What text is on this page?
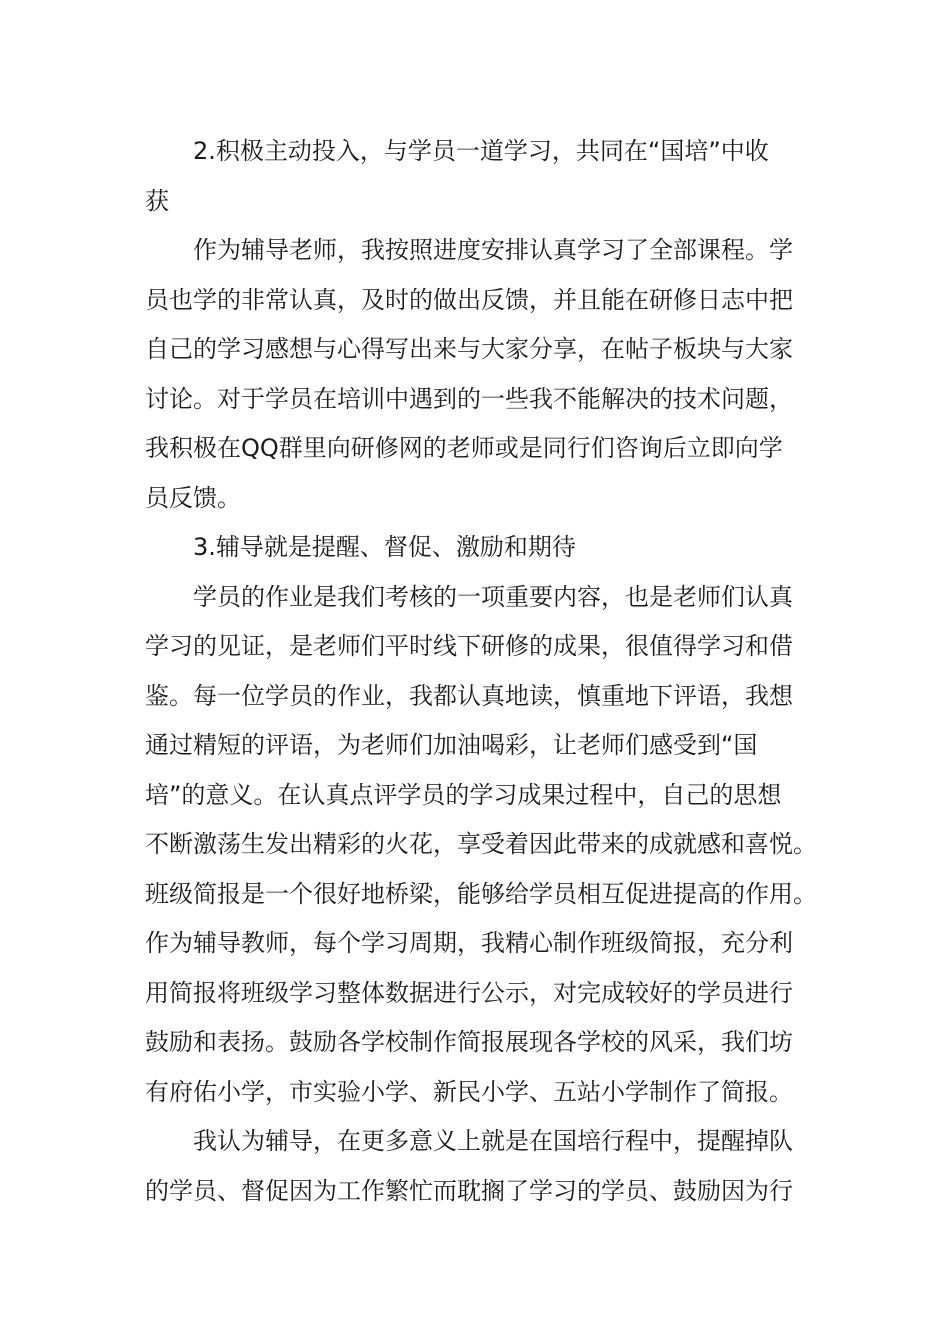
2.积极主动投入，与学员一道学习，共同在“国培”中收
获
作为辅导老师，我按照进度安排认真学习了全部课程。学
员也学的非常认真，及时的做出反馈，并且能在研修日志中把
自己的学习感想与心得写出来与大家分享，在帖子板块与大家
讨论。对于学员在培训中遇到的一些我不能解决的技术问题，
我积极在QQ群里向研修网的老师或是同行们咨询后立即向学
员反馈。
3.辅导就是提醒、督促、激励和期待
学员的作业是我们考核的一项重要内容，也是老师们认真
学习的见证，是老师们平时线下研修的成果，很值得学习和借
鉴。每一位学员的作业，我都认真地读，慎重地下评语，我想
通过精短的评语，为老师们加油喝彩，让老师们感受到“国
培”的意义。在认真点评学员的学习成果过程中，自己的思想
不断激荡生发出精彩的火花，享受着因此带来的成就感和喜悦。
班级简报是一个很好地桥梁，能够给学员相互促进提高的作用。
作为辅导教师，每个学习周期，我精心制作班级简报，充分利
用简报将班级学习整体数据进行公示，对完成较好的学员进行
鼓励和表扬。鼓励各学校制作简报展现各学校的风采，我们坊
有府佑小学，市实验小学、新民小学、五站小学制作了简报。
我认为辅导，在更多意义上就是在国培行程中，提醒掉队
的学员、督促因为工作繁忙而耽搁了学习的学员、鼓励因为行
